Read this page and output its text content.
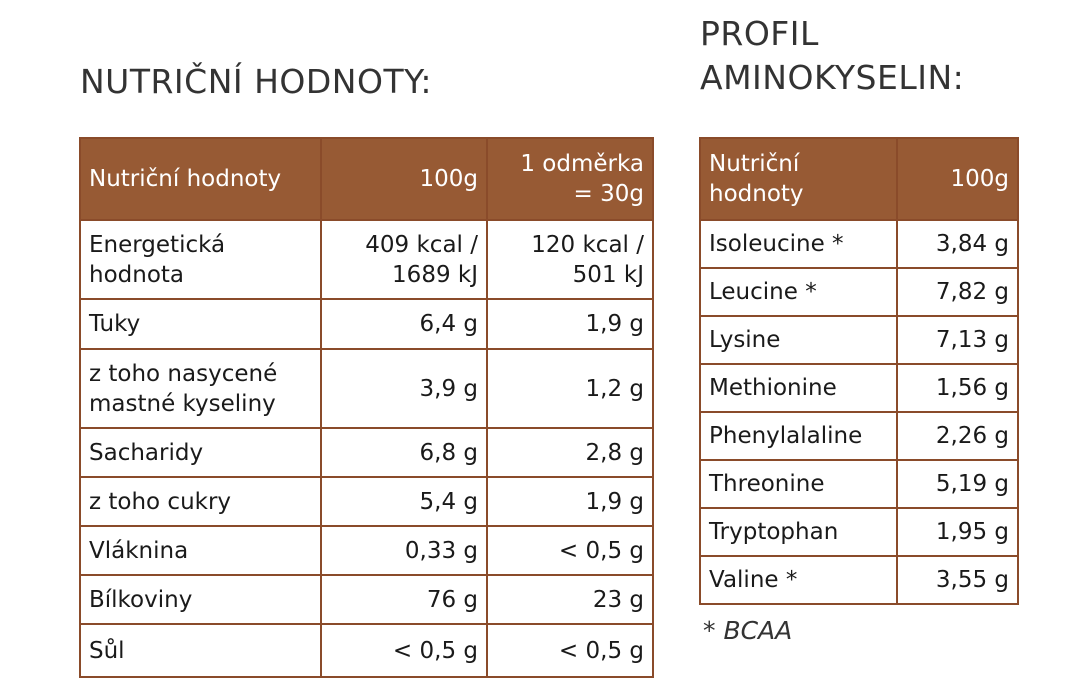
NUTRIČNÍ HODNOTY:
PROFIL
AMINOKYSELIN:
Nutriční hodnoty	100g	1 odměrka = 30g
Energetická hodnota	409 kcal / 1689 kJ	120 kcal / 501 kJ
Tuky	6,4 g	1,9 g
z toho nasycené mastné kyseliny	3,9 g	1,2 g
Sacharidy	6,8 g	2,8 g
z toho cukry	5,4 g	1,9 g
Vláknina	0,33 g	< 0,5 g
Bílkoviny	76 g	23 g
Sůl	< 0,5 g	< 0,5 g
Nutriční hodnoty	100g
Isoleucine *	3,84 g
Leucine *	7,82 g
Lysine	7,13 g
Methionine	1,56 g
Phenylalaline	2,26 g
Threonine	5,19 g
Tryptophan	1,95 g
Valine *	3,55 g

* BCAA
